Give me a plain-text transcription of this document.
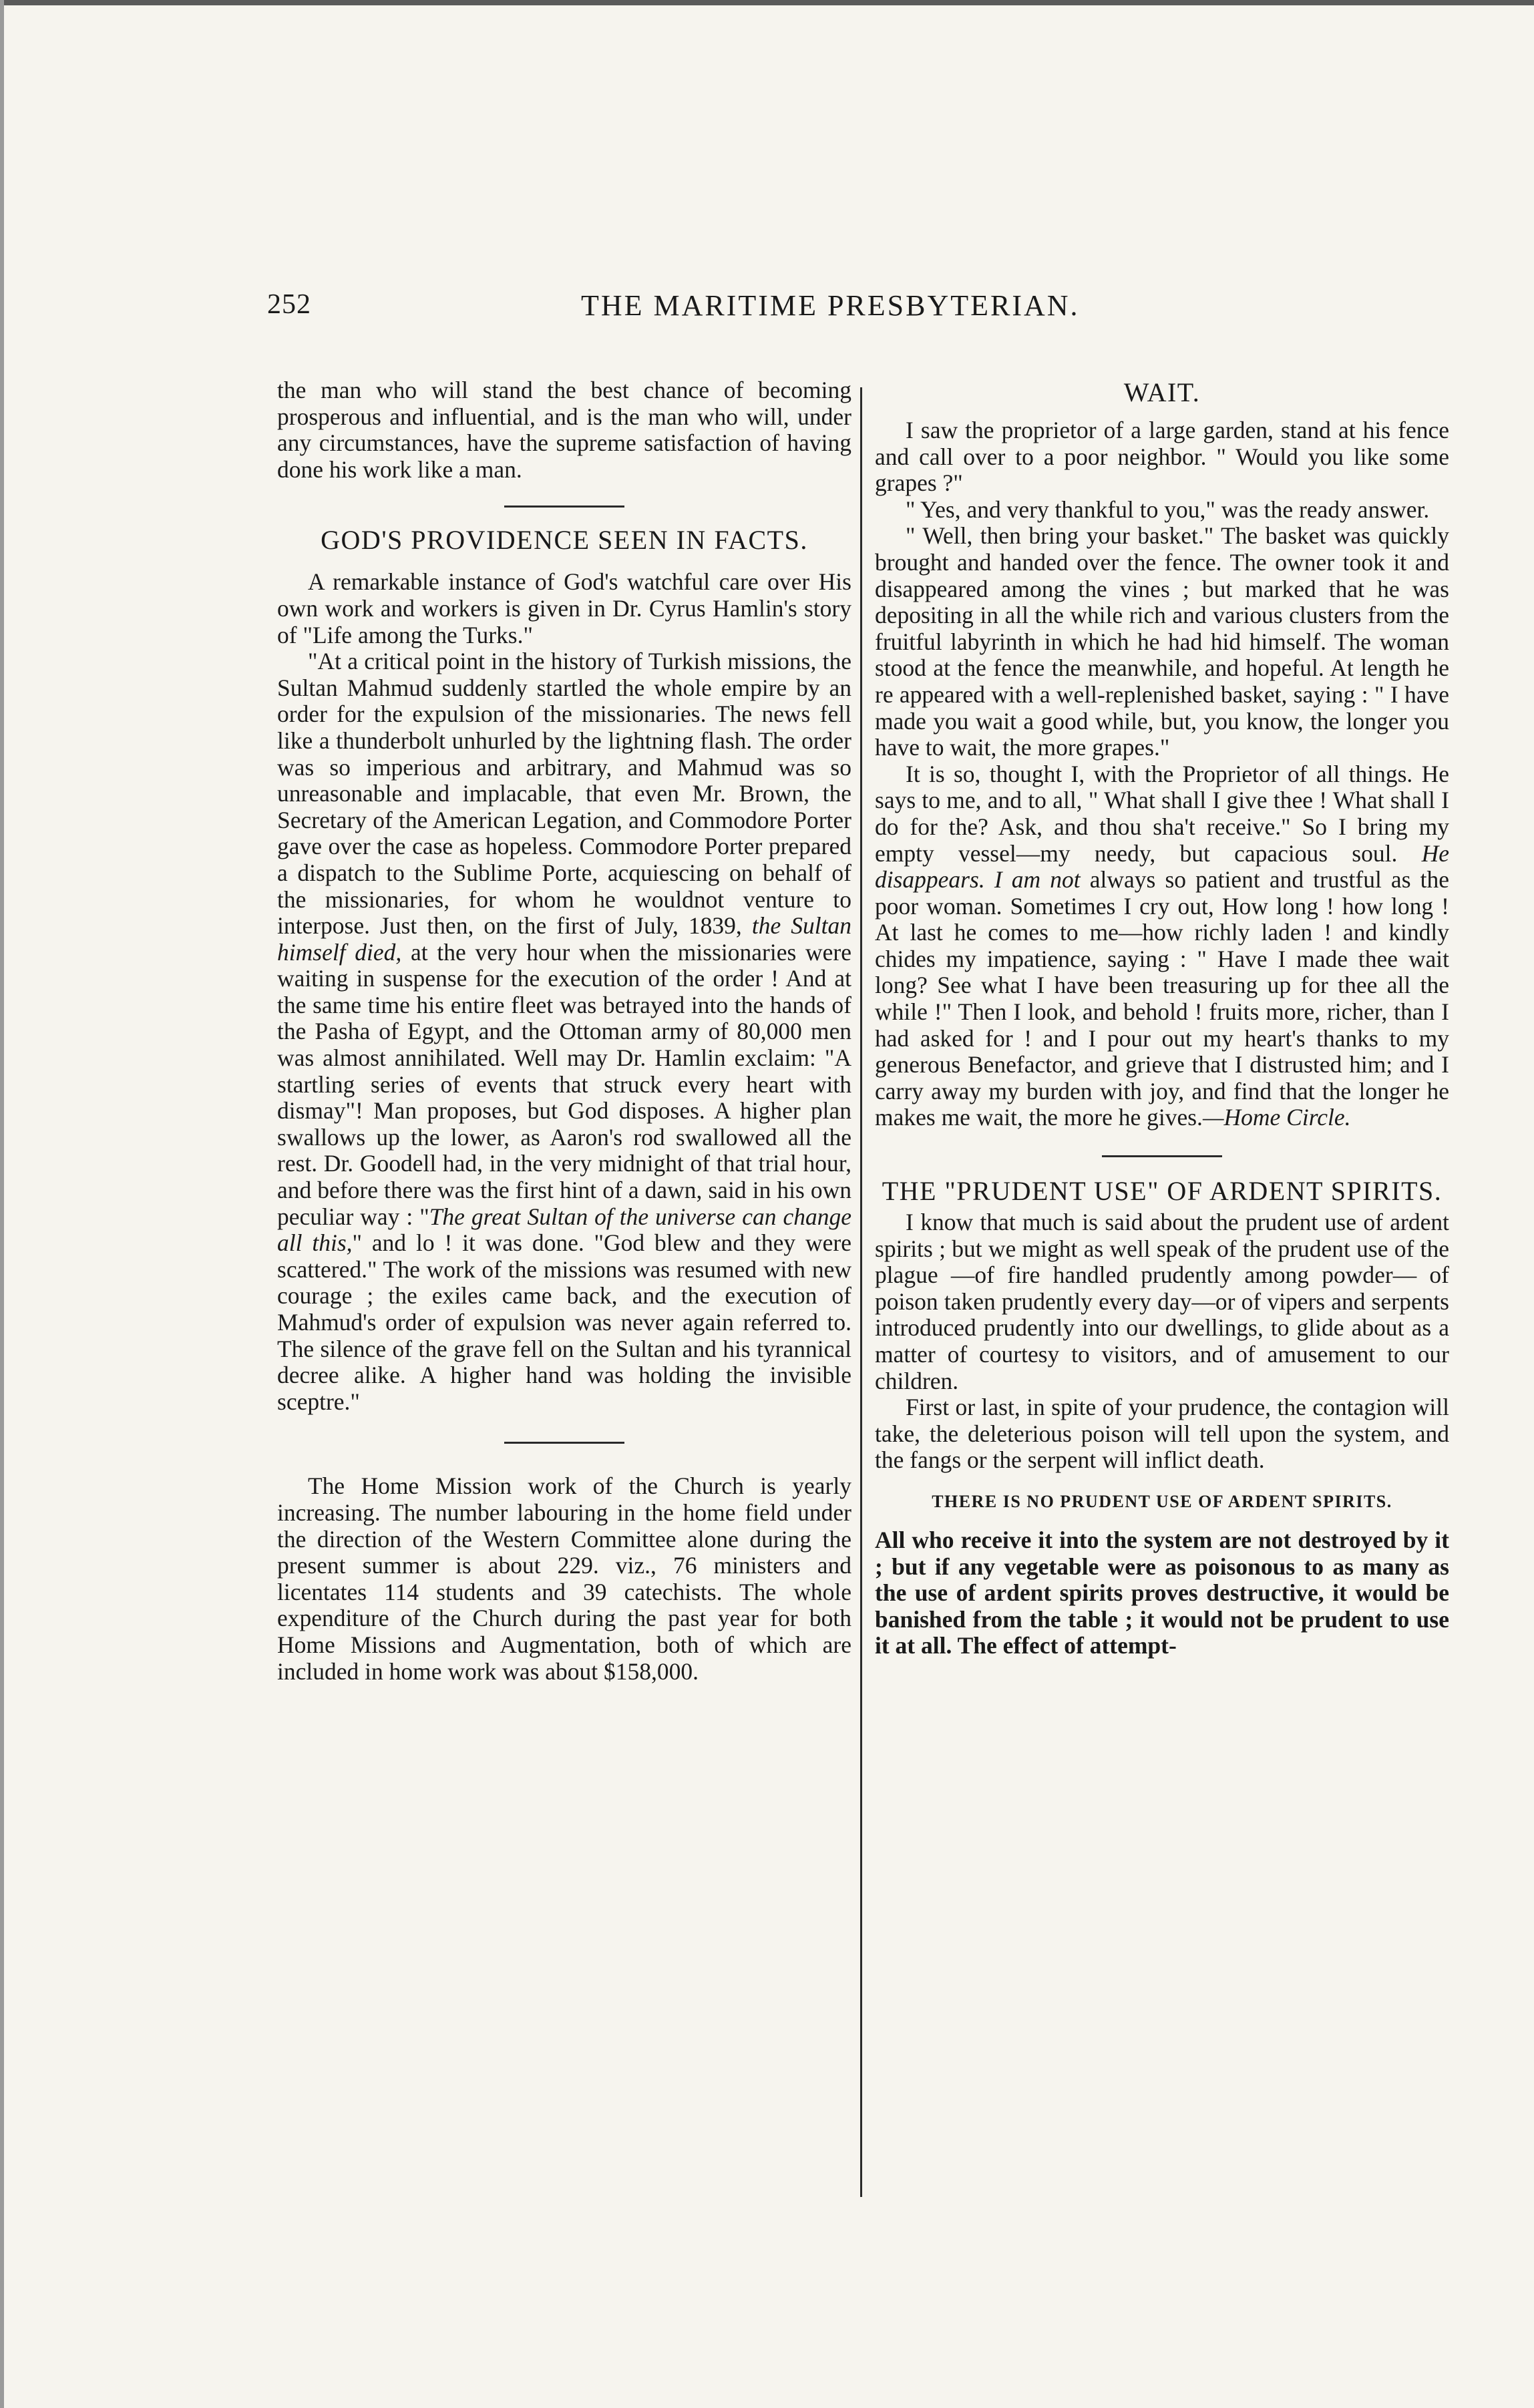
252	THE MARITIME PRESBYTERIAN.

the man who will stand the best chance of becoming prosperous and influential, and is the man who will, under any circumstances, have the supreme satisfaction of having done his work like a man.

GOD'S PROVIDENCE SEEN IN FACTS.

A remarkable instance of God's watchful care over His own work and workers is given in Dr. Cyrus Hamlin's story of "Life among the Turks."

"At a critical point in the history of Turkish missions, the Sultan Mahmud suddenly startled the whole empire by an order for the expulsion of the missionaries. The news fell like a thunderbolt unhurled by the lightning flash. The order was so imperious and arbitrary, and Mahmud was so unreasonable and implacable, that even Mr. Brown, the Secretary of the American Legation, and Commodore Porter gave over the case as hopeless. Commodore Porter prepared a dispatch to the Sublime Porte, acquiescing on behalf of the missionaries, for whom he wouldnot venture to interpose. Just then, on the first of July, 1839, the Sultan himself died, at the very hour when the missionaries were waiting in suspense for the execution of the order ! And at the same time his entire fleet was betrayed into the hands of the Pasha of Egypt, and the Ottoman army of 80,000 men was almost annihilated. Well may Dr. Hamlin exclaim: "A startling series of events that struck every heart with dismay"! Man proposes, but God disposes. A higher plan swallows up the lower, as Aaron's rod swallowed all the rest. Dr. Goodell had, in the very midnight of that trial hour, and before there was the first hint of a dawn, said in his own peculiar way : "The great Sultan of the universe can change all this," and lo ! it was done. "God blew and they were scattered." The work of the missions was resumed with new courage ; the exiles came back, and the execution of Mahmud's order of expulsion was never again referred to. The silence of the grave fell on the Sultan and his tyrannical decree alike. A higher hand was holding the invisible sceptre."

The Home Mission work of the Church is yearly increasing. The number labouring in the home field under the direction of the Western Committee alone during the present summer is about 229. viz., 76 ministers and licentates 114 students and 39 catechists. The whole expenditure of the Church during the past year for both Home Missions and Augmentation, both of which are included in home work was about $158,000.

WAIT.

I saw the proprietor of a large garden, stand at his fence and call over to a poor neighbor. " Would you like some grapes ?"

" Yes, and very thankful to you," was the ready answer.

" Well, then bring your basket." The basket was quickly brought and handed over the fence. The owner took it and disappeared among the vines ; but marked that he was depositing in all the while rich and various clusters from the fruitful labyrinth in which he had hid himself. The woman stood at the fence the meanwhile, and hopeful. At length he re appeared with a well-replenished basket, saying : " I have made you wait a good while, but, you know, the longer you have to wait, the more grapes."

It is so, thought I, with the Proprietor of all things. He says to me, and to all, " What shall I give thee ! What shall I do for the? Ask, and thou sha't receive." So I bring my empty vessel—my needy, but capacious soul. He disappears. I am not always so patient and trustful as the poor woman. Sometimes I cry out, How long ! how long ! At last he comes to me—how richly laden ! and kindly chides my impatience, saying : " Have I made thee wait long? See what I have been treasuring up for thee all the while !" Then I look, and behold ! fruits more, richer, than I had asked for ! and I pour out my heart's thanks to my generous Benefactor, and grieve that I distrusted him; and I carry away my burden with joy, and find that the longer he makes me wait, the more he gives.—Home Circle.

THE "PRUDENT USE" OF ARDENT SPIRITS.

I know that much is said about the prudent use of ardent spirits ; but we might as well speak of the prudent use of the plague —of fire handled prudently among powder— of poison taken prudently every day—or of vipers and serpents introduced prudently into our dwellings, to glide about as a matter of courtesy to visitors, and of amusement to our children.

First or last, in spite of your prudence, the contagion will take, the deleterious poison will tell upon the system, and the fangs or the serpent will inflict death.

THERE IS NO PRUDENT USE OF ARDENT SPIRITS.

All who receive it into the system are not destroyed by it ; but if any vegetable were as poisonous to as many as the use of ardent spirits proves destructive, it would be banished from the table ; it would not be prudent to use it at all. The effect of attempt-
